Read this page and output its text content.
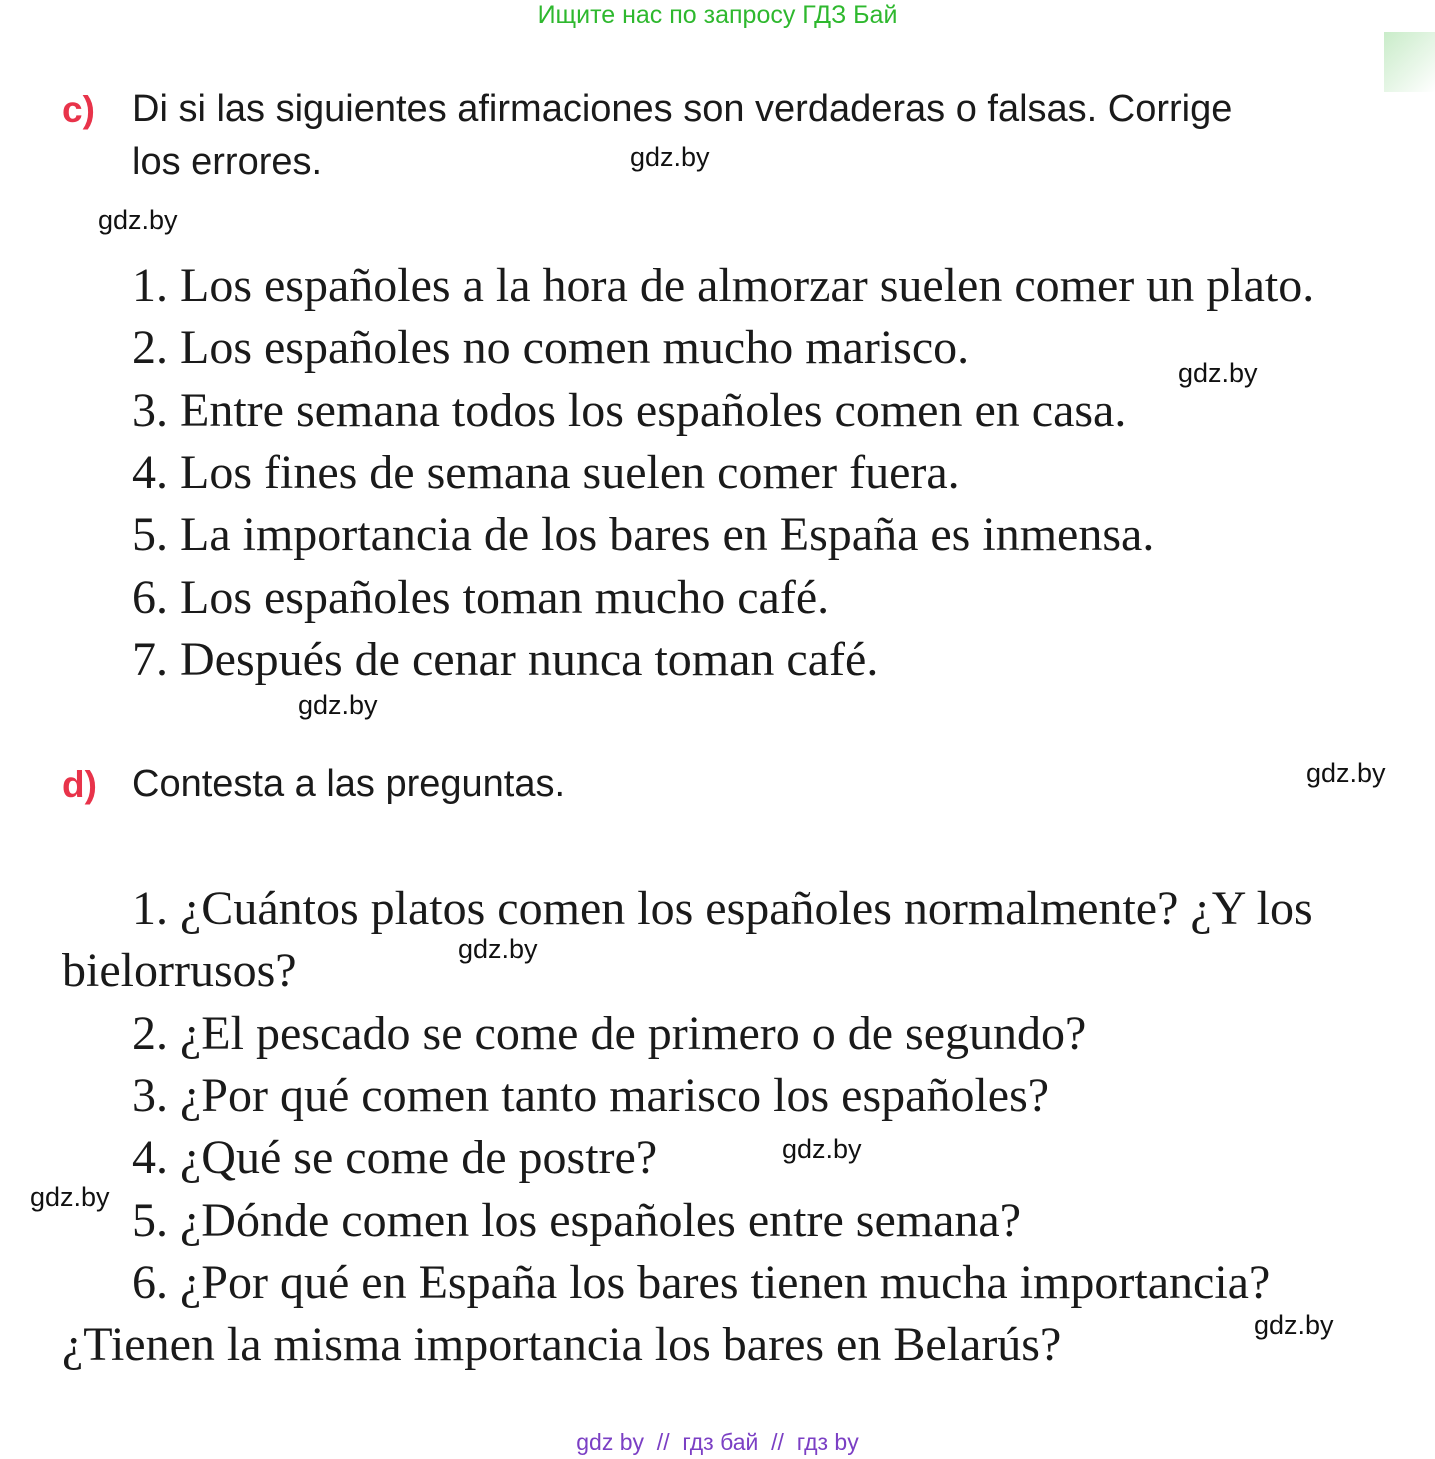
Ищите нас по запросу ГДЗ Бай
c) Di si las siguientes afirmaciones son verdaderas o falsas. Corrige
los errores.
1. Los españoles a la hora de almorzar suelen comer un plato.
2. Los españoles no comen mucho marisco.
3. Entre semana todos los españoles comen en casa.
4. Los fines de semana suelen comer fuera.
5. La importancia de los bares en España es inmensa.
6. Los españoles toman mucho café.
7. Después de cenar nunca toman café.
d) Contesta a las preguntas.
1. ¿Cuántos platos comen los españoles normalmente? ¿Y los
bielorrusos?
2. ¿El pescado se come de primero o de segundo?
3. ¿Por qué comen tanto marisco los españoles?
4. ¿Qué se come de postre?
5. ¿Dónde comen los españoles entre semana?
6. ¿Por qué en España los bares tienen mucha importancia?
¿Tienen la misma importancia los bares en Belarús?
gdz.by
gdz.by
gdz.by
gdz.by
gdz.by
gdz.by
gdz.by
gdz.by
gdz.by
gdz by  //  гдз бай  //  гдз by
